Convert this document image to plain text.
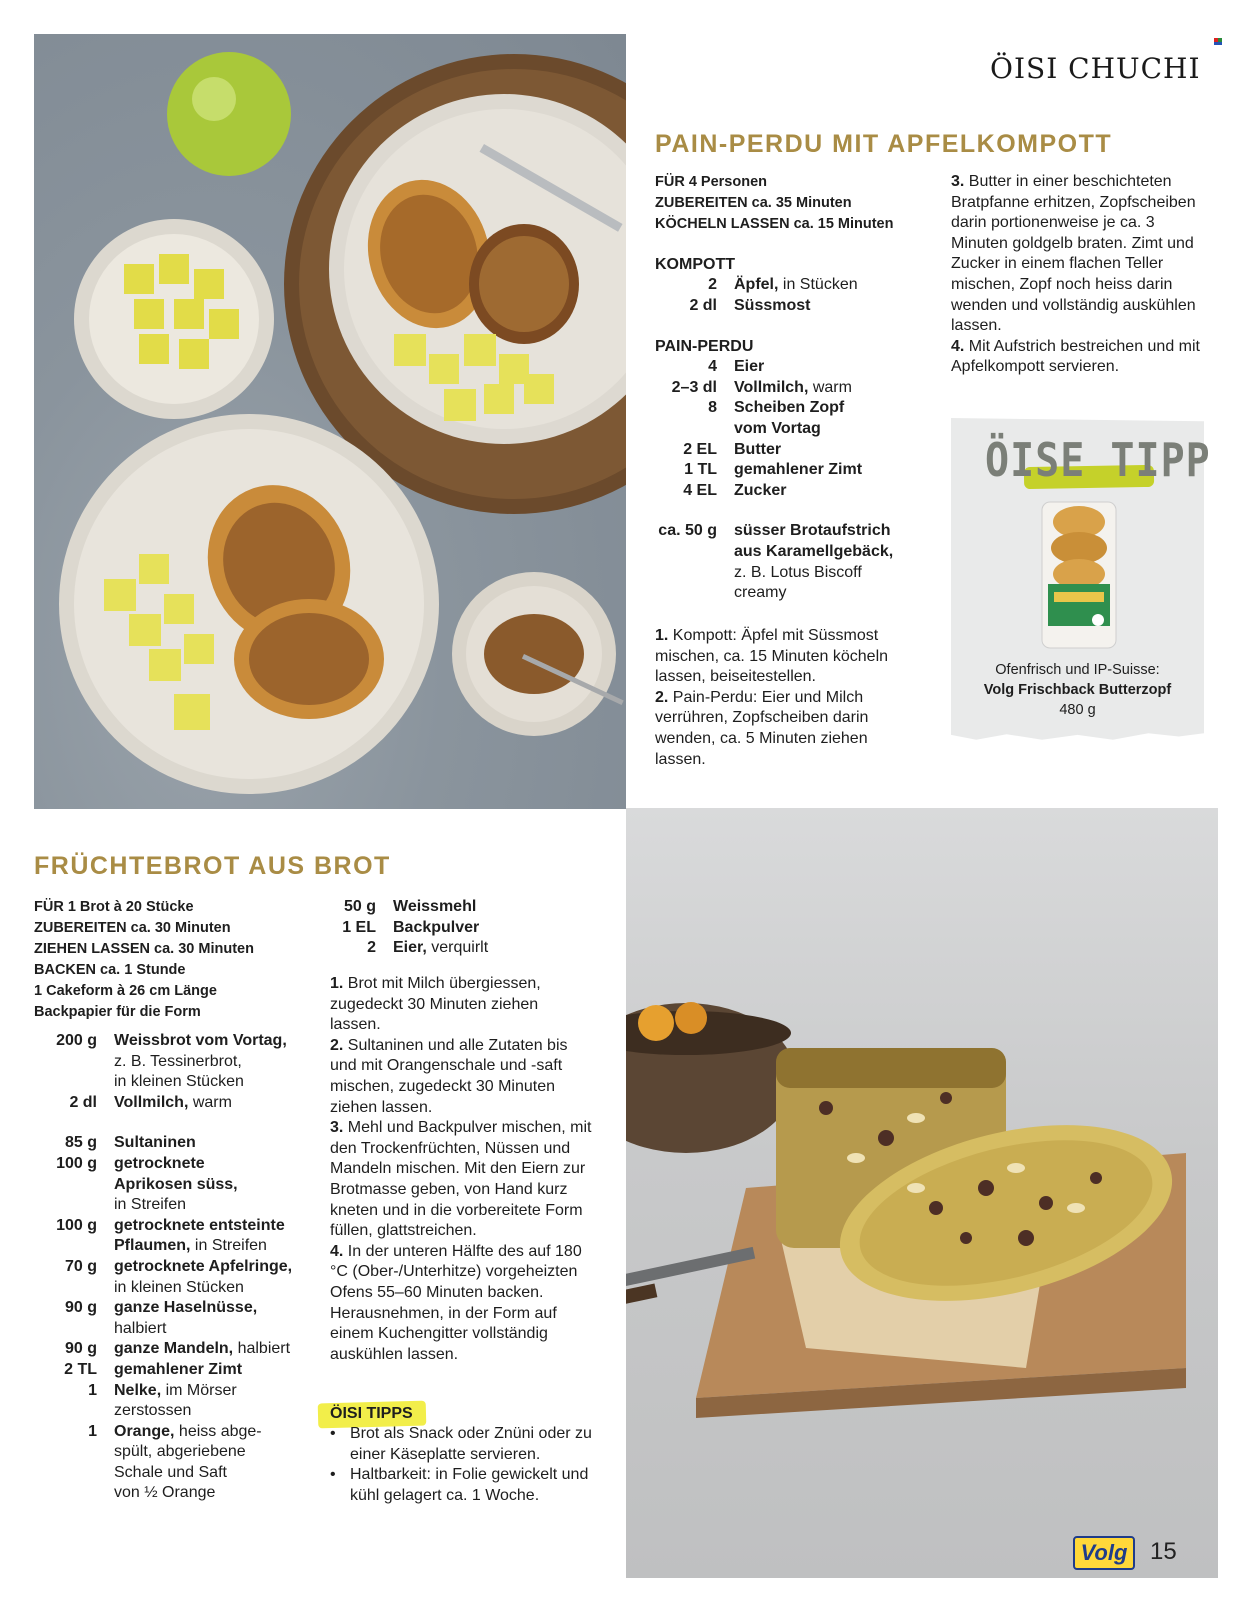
ÖISI CHUCHI
PAIN-PERDU MIT APFELKOMPOTT
FÜR 4 Personen
ZUBEREITEN ca. 35 Minuten
KÖCHELN LASSEN ca. 15 Minuten
KOMPOTT
2	Äpfel, in Stücken
2 dl	Süssmost
PAIN-PERDU
4	Eier
2–3 dl	Vollmilch, warm
8	Scheiben Zopf
vom Vortag
2 EL	Butter
1 TL	gemahlener Zimt
4 EL	Zucker
ca. 50 g	süsser Brotaufstrich
aus Karamellgebäck,
z. B. Lotus Biscoff
creamy

1. Kompott: Äpfel mit Süssmost mischen, ca. 15 Minuten köcheln lassen, beiseitestellen.

2. Pain-Perdu: Eier und Milch verrühren, Zopfscheiben darin wenden, ca. 5 Minuten ziehen lassen.

3. Butter in einer beschichteten Bratpfanne erhitzen, Zopfscheiben darin portionenweise je ca. 3 Minuten goldgelb braten. Zimt und Zucker in einem flachen Teller mischen, Zopf noch heiss darin wenden und vollständig auskühlen lassen.

4. Mit Aufstrich bestreichen und mit Apfelkompott servieren.

ÖISE TIPP
Ofenfrisch und IP-Suisse:
Volg Frischback Butterzopf
480 g
FRÜCHTEBROT AUS BROT
FÜR 1 Brot à 20 Stücke
ZUBEREITEN ca. 30 Minuten
ZIEHEN LASSEN ca. 30 Minuten
BACKEN ca. 1 Stunde
1 Cakeform à 26 cm Länge
Backpapier für die Form
200 g	Weissbrot vom Vortag,
z. B. Tessinerbrot,
in kleinen Stücken
2 dl	Vollmilch, warm
85 g	Sultaninen
100 g	getrocknete
Aprikosen süss,
in Streifen
100 g	getrocknete entsteinte
Pflaumen, in Streifen
70 g	getrocknete Apfelringe,
in kleinen Stücken
90 g	ganze Haselnüsse,
halbiert
90 g	ganze Mandeln, halbiert
2 TL	gemahlener Zimt
1	Nelke, im Mörser
zerstossen
1	Orange, heiss abge-
spült, abgeriebene
Schale und Saft
von ½ Orange
50 g	Weissmehl
1 EL	Backpulver
2	Eier, verquirlt

1. Brot mit Milch übergiessen, zugedeckt 30 Minuten ziehen lassen.

2. Sultaninen und alle Zutaten bis und mit Orangenschale und -saft mischen, zugedeckt 30 Minuten ziehen lassen.

3. Mehl und Backpulver mischen, mit den Trockenfrüchten, Nüssen und Mandeln mischen. Mit den Eiern zur Brotmasse geben, von Hand kurz kneten und in die vorbereitete Form füllen, glattstreichen.

4. In der unteren Hälfte des auf 180 °C (Ober-/Unterhitze) vorgeheizten Ofens 55–60 Minuten backen. Herausnehmen, in der Form auf einem Kuchengitter vollständig auskühlen lassen.

ÖISI TIPPS
• Brot als Snack oder Znüni oder zu einer Käseplatte servieren.
• Haltbarkeit: in Folie gewickelt und kühl gelagert ca. 1 Woche.
Volg 15
